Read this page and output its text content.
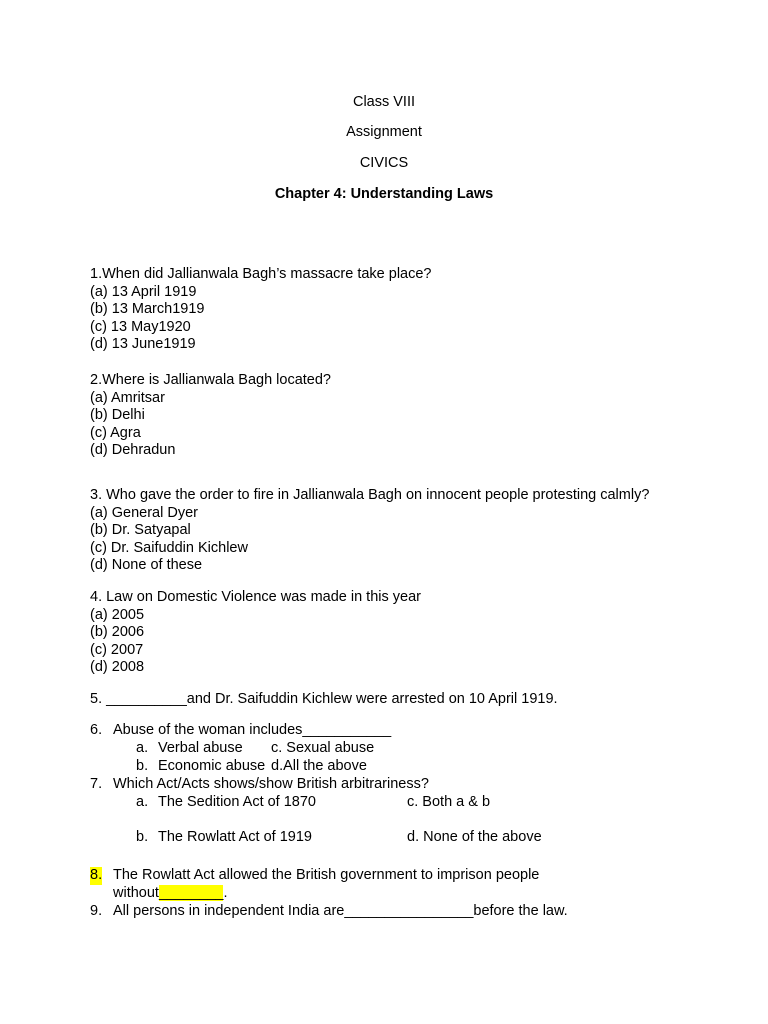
Class VIII
Assignment
CIVICS
Chapter 4: Understanding Laws
1.When did Jallianwala Bagh’s massacre take place?
(a) 13 April 1919
(b) 13 March1919
(c) 13 May1920
(d) 13 June1919
2.Where is Jallianwala Bagh located?
(a) Amritsar
(b) Delhi
(c) Agra
(d) Dehradun
3. Who gave the order to fire in Jallianwala Bagh on innocent people protesting calmly?
(a) General Dyer
(b) Dr. Satyapal
(c) Dr. Saifuddin Kichlew
(d) None of these
4. Law on Domestic Violence was made in this year
(a) 2005
(b) 2006
(c) 2007
(d) 2008
5. __________and Dr. Saifuddin Kichlew were arrested on 10 April 1919.
6. Abuse of the woman includes___________
a. Verbal abuse c. Sexual abuse
b. Economic abuse d.All the above
7. Which Act/Acts shows/show British arbitrariness?
a. The Sedition Act of 1870	c. Both a & b
b. The Rowlatt Act of 1919	d. None of the above
8. The Rowlatt Act allowed the British government to imprison people
without________.
9. All persons in independent India are________________before the law.
